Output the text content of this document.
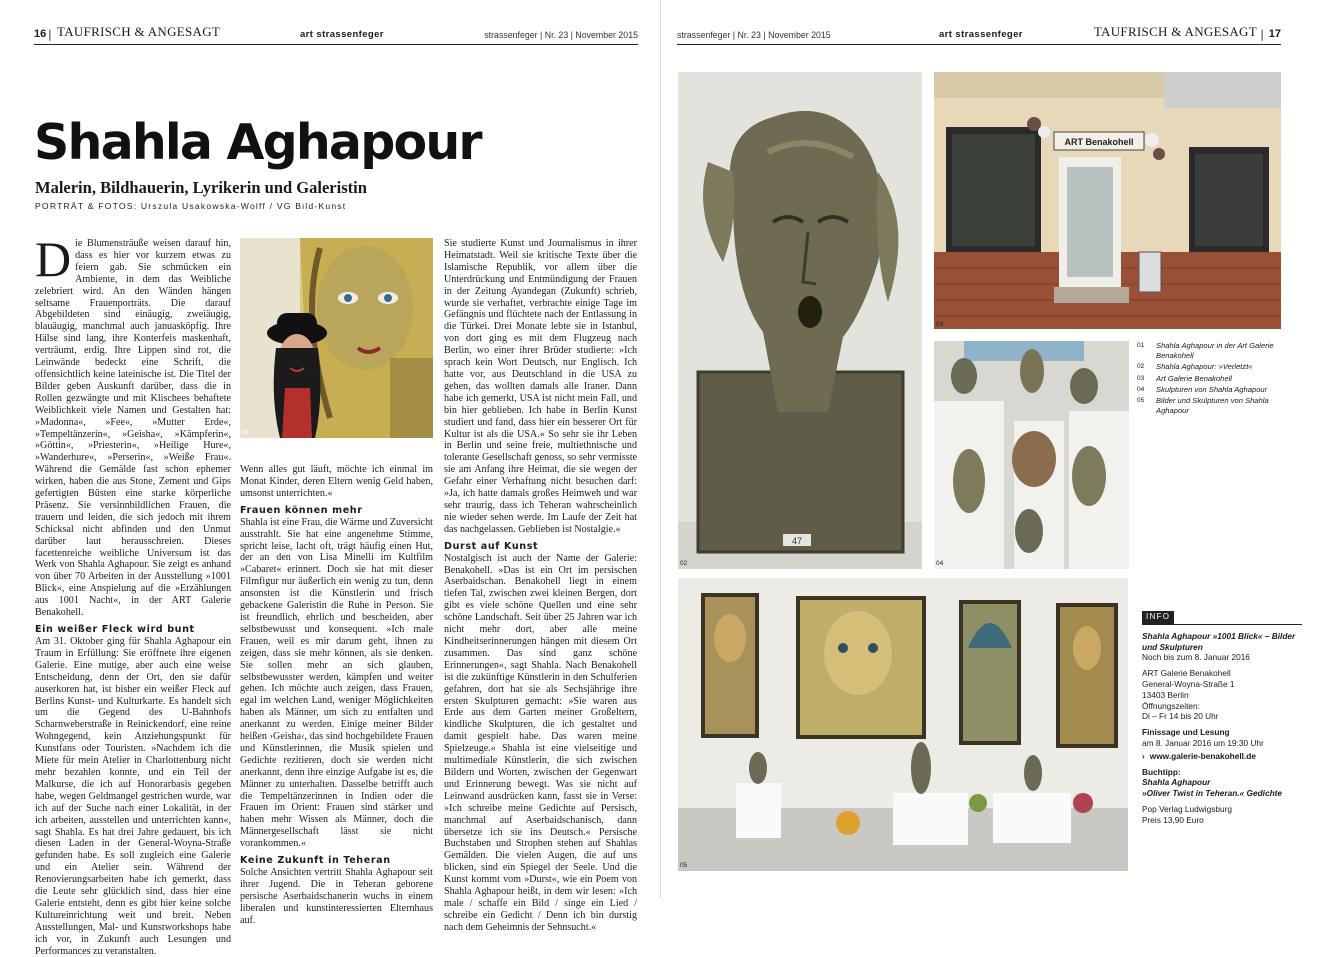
16 | TAUFRISCH & ANGESAGT	art strassenfeger	strassenfeger | Nr. 23 | November 2015
Shahla Aghapour
Malerin, Bildhauerin, Lyrikerin und Galeristin
PORTRÄT & FOTOS: Urszula Usakowska-Wolff / VG Bild-Kunst

Die Blumensträuße weisen darauf hin, dass es hier vor kurzem etwas zu feiern gab. Sie schmücken ein Ambiente, in dem das Weibliche zelebriert wird. An den Wänden hängen seltsame Frauenporträts. Die darauf Abgebildeten sind einäugig, zweiäugig, blauäugig, manchmal auch januasköpfig. Ihre Hälse sind lang, ihre Konterfeis maskenhaft, verträumt, erdig. Ihre Lippen sind rot, die Leinwände bedeckt eine Schrift, die offensichtlich keine lateinische ist. Die Titel der Bilder geben Auskunft darüber, dass die in Rollen gezwängte und mit Klischees behaftete Weiblichkeit viele Namen und Gestalten hat: »Madonna«, »Fee«, »Mutter Erde«, »Tempeltänzerin«, »Geisha«, »Kämpferin«, »Göttin«, »Priesterin«, »Heilige Hure«, »Wanderhure«, »Perserin«, »Weiße Frau«. Während die Gemälde fast schon ephemer wirken, haben die aus Stone, Zement und Gips gefertigten Büsten eine starke körperliche Präsenz. Sie versinnbildlichen Frauen, die trauern und leiden, die sich jedoch mit ihrem Schicksal nicht abfinden und den Unmut darüber laut herausschreien. Dieses facettenreiche weibliche Universum ist das Werk von Shahla Aghapour. Sie zeigt es anhand von über 70 Arbeiten in der Ausstellung »1001 Blick«, eine Anspielung auf die »Erzählungen aus 1001 Nacht«, in der ART Galerie Benakohell.

Ein weißer Fleck wird bunt

Am 31. Oktober ging für Shahla Aghapour ein Traum in Erfüllung: Sie eröffnete ihre eigenen Galerie. Eine mutige, aber auch eine weise Entscheidung, denn der Ort, den sie dafür auserkoren hat, ist bisher ein weißer Fleck auf Berlins Kunst- und Kulturkarte. Es handelt sich um die Gegend des U-Bahnhofs Scharnweberstraße in Reinickendorf, eine reine Wohngegend, kein Anziehungspunkt für Kunstfans oder Touristen. »Nachdem ich die Miete für mein Atelier in Charlottenburg nicht mehr bezahlen konnte, und ein Teil der Malkurse, die ich auf Honorarbasis gegeben habe, wegen Geldmangel gestrichen wurde, war ich auf der Suche nach einer Lokalität, in der ich arbeiten, ausstellen und unterrichten kann«, sagt Shahla. Es hat drei Jahre gedauert, bis ich diesen Laden in der General-Woyna-Straße gefunden habe. Es soll zugleich eine Galerie und ein Atelier sein. Während der Renovierungsarbeiten habe ich gemerkt, dass die Leute sehr glücklich sind, dass hier eine Galerie entsteht, denn es gibt hier keine solche Kultureinrichtung weit und breit. Neben Ausstellungen, Mal- und Kunstworkshops habe ich vor, in Zukunft auch Lesungen und Performances zu veranstalten.

01

Wenn alles gut läuft, möchte ich einmal im Monat Kinder, deren Eltern wenig Geld haben, umsonst unterrichten.«

Frauen können mehr

Shahla ist eine Frau, die Wärme und Zuversicht ausstrahlt. Sie hat eine angenehme Stimme, spricht leise, lacht oft, trägt häufig einen Hut, der an den von Lisa Minelli im Kultfilm »Cabaret« erinnert. Doch sie hat mit dieser Filmfigur nur äußerlich ein wenig zu tun, denn ansonsten ist die Künstlerin und frisch gebackene Galeristin die Ruhe in Person. Sie ist freundlich, ehrlich und bescheiden, aber selbstbewusst und konsequent. »Ich male Frauen, weil es mir darum geht, ihnen zu zeigen, dass sie mehr können, als sie denken. Sie sollen mehr an sich glauben, selbstbewusster werden, kämpfen und weiter gehen. Ich möchte auch zeigen, dass Frauen, egal im welchen Land, weniger Möglichkeiten haben als Männer, um sich zu entfalten und anerkannt zu werden. Einige meiner Bilder heißen ›Geisha‹, das sind hochgebildete Frauen und Künstlerinnen, die Musik spielen und Gedichte rezitieren, doch sie werden nicht anerkannt, denn ihre einzige Aufgabe ist es, die Männer zu unterhalten. Dasselbe betrifft auch die Tempeltänzerinnen in Indien oder die Frauen im Orient: Frauen sind stärker und haben mehr Wissen als Männer, doch die Männergesellschaft lässt sie nicht vorankommen.«

Keine Zukunft in Teheran

Solche Ansichten vertritt Shahla Aghapour seit ihrer Jugend. Die in Teheran geborene persische Aserbaidschanerin wuchs in einem liberalen und kunstinteressierten Elternhaus auf.

Sie studierte Kunst und Journalismus in ihrer Heimatstadt. Weil sie kritische Texte über die Islamische Republik, vor allem über die Unterdrückung und Entmündigung der Frauen in der Zeitung Ayandegan (Zukunft) schrieb, wurde sie verhaftet, verbrachte einige Tage im Gefängnis und flüchtete nach der Entlassung in die Türkei. Drei Monate lebte sie in Istanbul, von dort ging es mit dem Flugzeug nach Berlin, wo einer ihrer Brüder studierte: »Ich sprach kein Wort Deutsch, nur Englisch. Ich hatte vor, aus Deutschland in die USA zu gehen, das wollten damals alle Iraner. Dann habe ich gemerkt, USA ist nicht mein Fall, und bin hier geblieben. Ich habe in Berlin Kunst studiert und fand, dass hier ein besserer Ort für Kultur ist als die USA.« So sehr sie ihr Leben in Berlin und seine freie, multiethnische und tolerante Gesellschaft genoss, so sehr vermisste sie am Anfang ihre Heimat, die sie wegen der Gefahr einer Verhaftung nicht besuchen darf: »Ja, ich hatte damals großes Heimweh und war sehr traurig, dass ich Teheran wahrscheinlich nie wieder sehen werde. Im Laufe der Zeit hat das nachgelassen. Geblieben ist Nostalgie.«

Durst auf Kunst

Nostalgisch ist auch der Name der Galerie: Benakohell. »Das ist ein Ort im persischen Aserbaidschan. Benakohell liegt in einem tiefen Tal, zwischen zwei kleinen Bergen, dort gibt es viele schöne Quellen und eine sehr schöne Landschaft. Seit über 25 Jahren war ich nicht mehr dort, aber alle meine Kindheitserinnerungen hängen mit diesem Ort zusammen. Das sind ganz schöne Erinnerungen«, sagt Shahla. Nach Benakohell ist die zukünftige Künstlerin in den Schulferien gefahren, dort hat sie als Sechsjährige ihre ersten Skulpturen gemacht: »Sie waren aus Erde aus dem Garten meiner Großeltern, kindliche Skulpturen, die ich gestaltet und damit gespielt habe. Das waren meine Spielzeuge.« Shahla ist eine vielseitige und multimediale Künstlerin, die sich zwischen Bildern und Worten, zwischen der Gegenwart und Erinnerung bewegt. Was sie nicht auf Leinwand ausdrücken kann, fasst sie in Verse: »Ich schreibe meine Gedichte auf Persisch, manchmal auf Aserbaidschanisch, dann übersetze ich sie ins Deutsch.« Persische Buchstaben und Strophen stehen auf Shahlas Gemälden. Die vielen Augen, die auf uns blicken, sind ein Spiegel der Seele. Und die Kunst kommt vom »Durst«, wie ein Poem von Shahla Aghapour heißt, in dem wir lesen: »Ich male / schaffe ein Bild / singe ein Lied / schreibe ein Gedicht / Denn ich bin durstig nach dem Geheimnis der Sehnsucht.«

strassenfeger | Nr. 23 | November 2015	art strassenfeger	TAUFRISCH & ANGESAGT | 17
47
02
ART Benakohell
03
04
01	Shahla Aghapour in der Art Galerie Benakohell
02	Shahla Aghapour: »Verletzt«
03	Art Galerie Benakohell
04	Skulpturen von Shahla Aghapour
05	Bilder und Skulpturen von Shahla Aghapour
05
INFO
Shahla Aghapour »1001 Blick« – Bilder und Skulpturen
Noch bis zum 8. Januar 2016
ART Galerie Benakohell
General-Woyna-Straße 1
13403 Berlin
Öffnungszeiten:
Di – Fr 14 bis 20 Uhr
Finissage und Lesung
am 8. Januar 2016 um 19:30 Uhr
› www.galerie-benakohell.de
Buchtipp:
Shahla Aghapour
»Oliver Twist in Teheran.« Gedichte
Pop Verlag Ludwigsburg
Preis 13,90 Euro
